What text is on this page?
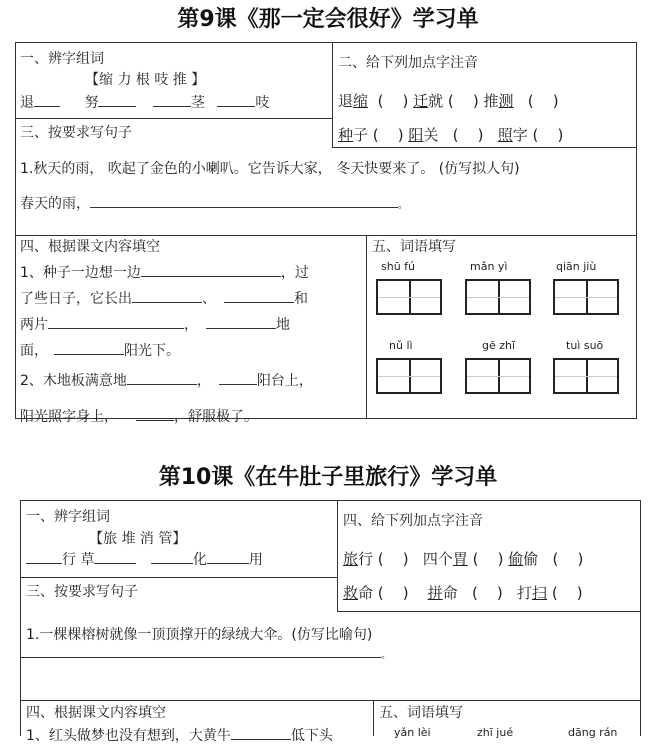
第9课《那一定会很好》学习单
一、辨字组词
【缩 力 根 吱 推 】
退	努	茎	吱
二、给下列加点字注音
退缩  (    ) 迁就 (    ) 推测   (    )
种子 (    ) 阳关   (    )   照字 (    )
三、按要求写句子
1.秋天的雨， 吹起了金色的小喇叭。它告诉大家， 冬天快要来了。 (仿写拟人句)
春天的雨，	。
四、根据课文内容填空
1、种子一边想一边	，过
了些日子，它长出	、	和
两片	，	地
面，	阳光下。
2、木地板满意地	，	阳台上，
阳光照字身上，	，舒服极了。
五、词语填写
shū fú	mǎn yì	qiān jiù
nǔ lì	gē zhī	tuì suō
第10课《在牛肚子里旅行》学习单
一、辨字组词
【旅 堆 消 管】
行 草	化	用
四、给下列加点字注音
旅行 (    )   四个胃 (    ) 偷偷   (    )
救命 (    )    拼命   (    )   打扫 (    )
三、按要求写句子
1.一棵棵榕树就像一顶顶撑开的绿绒大伞。(仿写比喻句)
。
四、根据课文内容填空
1、红头做梦也没有想到，大黄牛	低下头
五、词语填写
yǎn lèi	zhī jué	dāng rán
